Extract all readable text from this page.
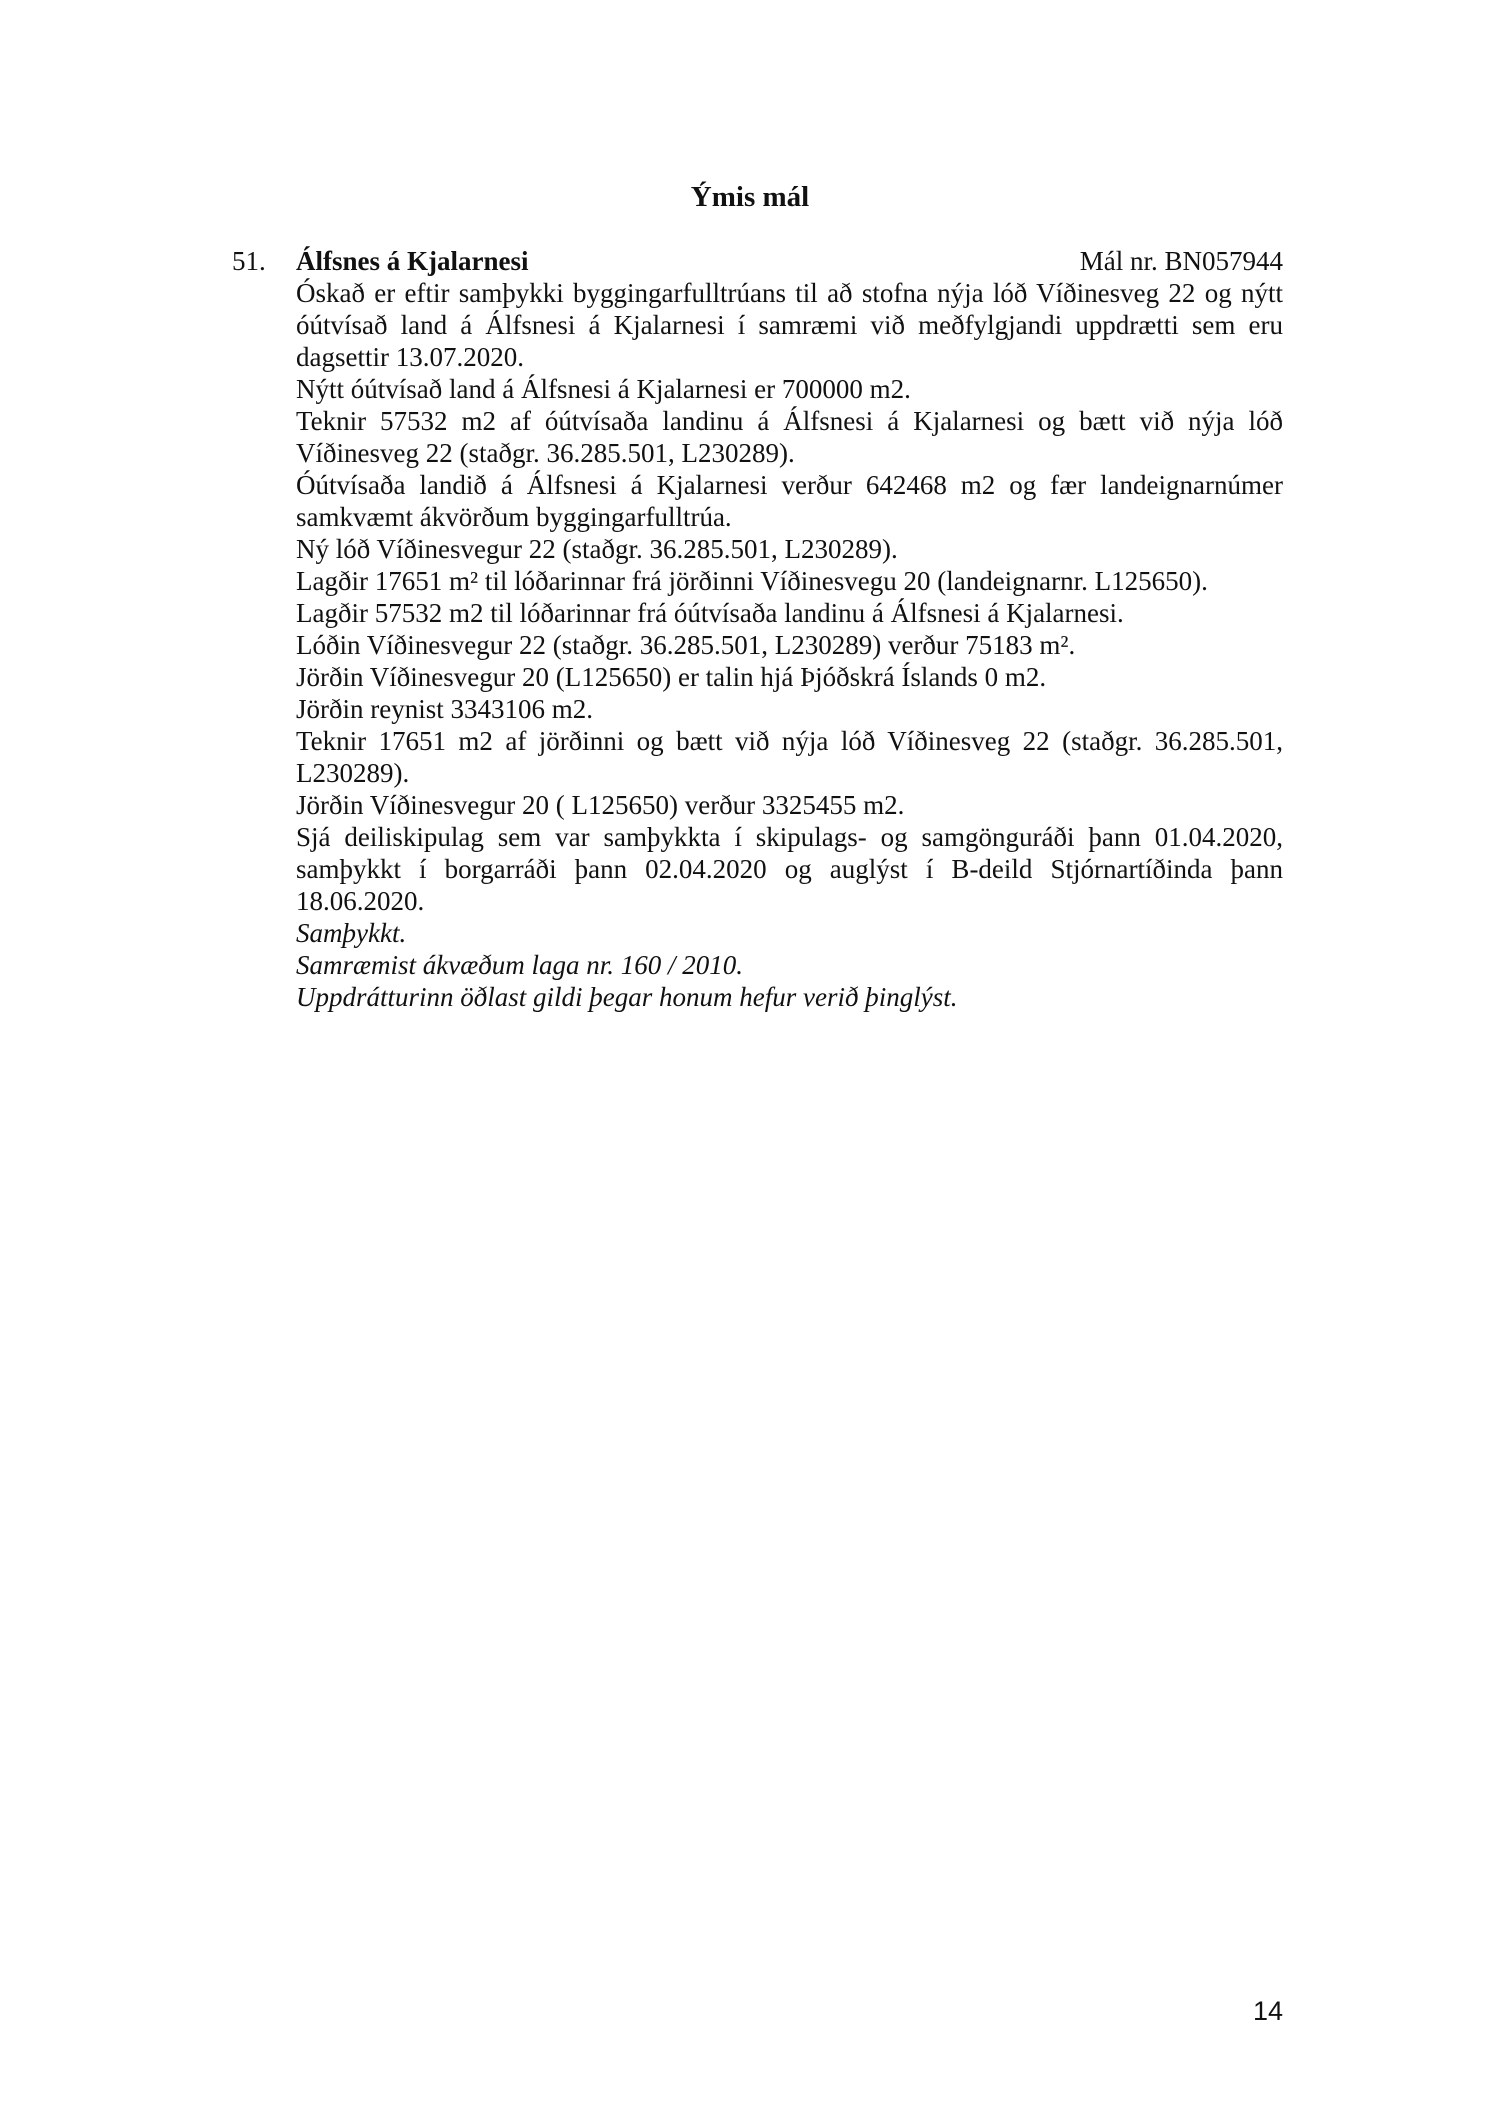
Ýmis mál
51. Álfsnes á Kjalarnesi	Mál nr. BN057944

Óskað er eftir samþykki byggingarfulltrúans til að stofna nýja lóð Víðinesveg 22 og nýtt óútvísað land á Álfsnesi á Kjalarnesi í samræmi við meðfylgjandi uppdrætti sem eru dagsettir 13.07.2020.

Nýtt óútvísað land á Álfsnesi á Kjalarnesi er 700000 m2.

Teknir 57532 m2 af óútvísaða landinu á Álfsnesi á Kjalarnesi og bætt við nýja lóð Víðinesveg 22 (staðgr. 36.285.501, L230289).

Óútvísaða landið á Álfsnesi á Kjalarnesi verður 642468 m2 og fær landeignarnúmer samkvæmt ákvörðum byggingarfulltrúa.

Ný lóð Víðinesvegur 22 (staðgr. 36.285.501, L230289).

Lagðir 17651 m² til lóðarinnar frá jörðinni Víðinesvegu 20 (landeignarnr. L125650).

Lagðir 57532 m2 til lóðarinnar frá óútvísaða landinu á Álfsnesi á Kjalarnesi.

Lóðin Víðinesvegur 22 (staðgr. 36.285.501, L230289) verður 75183 m².

Jörðin Víðinesvegur 20 (L125650) er talin hjá Þjóðskrá Íslands 0 m2.

Jörðin reynist 3343106 m2.

Teknir 17651 m2 af jörðinni og bætt við nýja lóð Víðinesveg 22 (staðgr. 36.285.501, L230289).

Jörðin Víðinesvegur 20 ( L125650) verður 3325455 m2.

Sjá deiliskipulag sem var samþykkta í skipulags- og samgönguráði þann 01.04.2020, samþykkt í borgarráði þann 02.04.2020 og auglýst í B-deild Stjórnartíðinda þann 18.06.2020.

Samþykkt.

Samræmist ákvæðum laga nr. 160 / 2010.

Uppdrátturinn öðlast gildi þegar honum hefur verið þinglýst.

14
